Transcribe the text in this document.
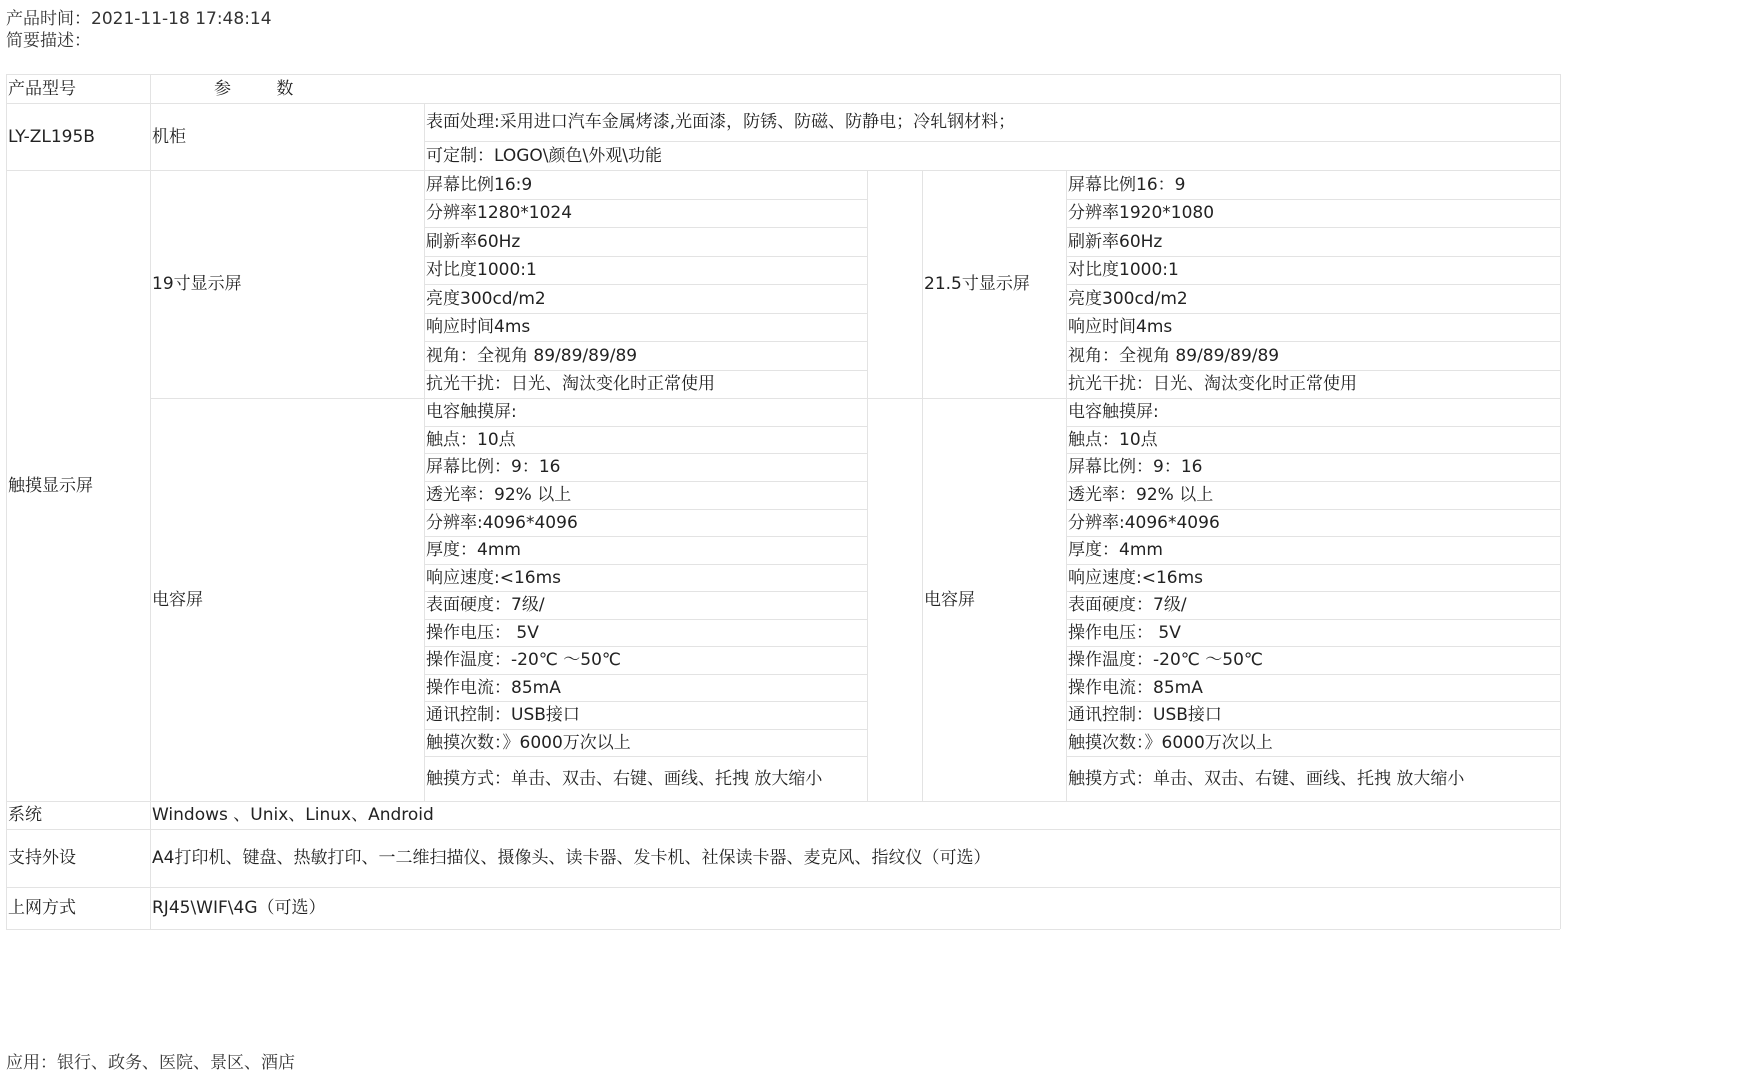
产品时间：2021-11-18 17:48:14
简要描述：
产品型号	参 数
LY-ZL195B	机柜
表面处理:采用进口汽车金属烤漆,光面漆，防锈、防磁、防静电；冷轧钢材料；
可定制：LOGO\颜色\外观\功能
触摸显示屏
19寸显示屏	21.5寸显示屏
屏幕比例16:9	屏幕比例16：9
分辨率1280*1024	分辨率1920*1080
刷新率60Hz	刷新率60Hz
对比度1000:1	对比度1000:1
亮度300cd/m2	亮度300cd/m2
响应时间4ms	响应时间4ms
视角：全视角 89/89/89/89	视角：全视角 89/89/89/89
抗光干扰：日光、淘汰变化时正常使用	抗光干扰：日光、淘汰变化时正常使用
电容屏	电容屏
电容触摸屏:	电容触摸屏:
触点：10点	触点：10点
屏幕比例：9：16	屏幕比例：9：16
透光率：92% 以上	透光率：92% 以上
分辨率:4096*4096	分辨率:4096*4096
厚度：4mm	厚度：4mm
响应速度:<16ms	响应速度:<16ms
表面硬度：7级/	表面硬度：7级/
操作电压： 5V	操作电压： 5V
操作温度：-20℃ ～50℃	操作温度：-20℃ ～50℃
操作电流：85mA	操作电流：85mA
通讯控制：USB接口	通讯控制：USB接口
触摸次数：》6000万次以上	触摸次数：》6000万次以上
触摸方式：单击、双击、右键、画线、托拽 放大缩小	触摸方式：单击、双击、右键、画线、托拽 放大缩小
系统	Windows 、Unix、Linux、Android
支持外设	A4打印机、键盘、热敏打印、一二维扫描仪、摄像头、读卡器、发卡机、社保读卡器、麦克风、指纹仪（可选）
上网方式	RJ45\WIF\4G（可选）
应用：银行、政务、医院、景区、酒店
